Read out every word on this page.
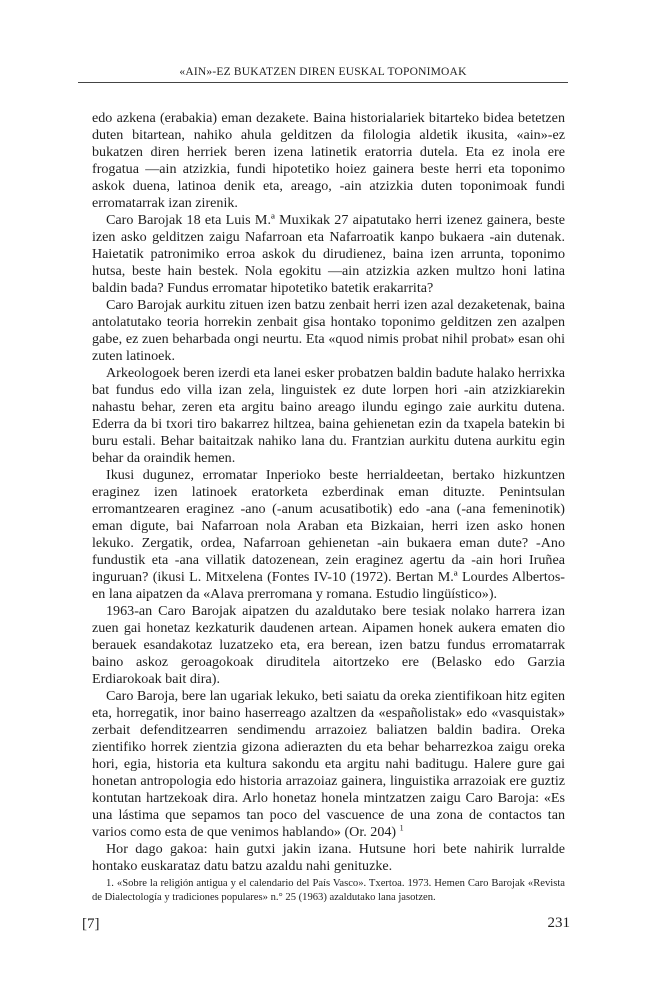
«AIN»-EZ BUKATZEN DIREN EUSKAL TOPONIMOAK

edo azkena (erabakia) eman dezakete. Baina historialariek bitarteko bidea betetzen duten bitartean, nahiko ahula gelditzen da filologia aldetik ikusita, «ain»-ez bukatzen diren herriek beren izena latinetik eratorria dutela. Eta ez inola ere frogatua —ain atzizkia, fundi hipotetiko hoiez gainera beste herri eta toponimo askok duena, latinoa denik eta, areago, -ain atzizkia duten toponimoak fundi erromatarrak izan zirenik.

Caro Barojak 18 eta Luis M.ª Muxikak 27 aipatutako herri izenez gainera, beste izen asko gelditzen zaigu Nafarroan eta Nafarroatik kanpo bukaera -ain dutenak. Haietatik patronimiko erroa askok du dirudienez, baina izen arrunta, toponimo hutsa, beste hain bestek. Nola egokitu —ain atzizkia azken multzo honi latina baldin bada? Fundus erromatar hipotetiko batetik erakarrita?

Caro Barojak aurkitu zituen izen batzu zenbait herri izen azal dezaketenak, baina antolatutako teoria horrekin zenbait gisa hontako toponimo gelditzen zen azalpen gabe, ez zuen beharbada ongi neurtu. Eta «quod nimis probat nihil probat» esan ohi zuten latinoek.

Arkeologoek beren izerdi eta lanei esker probatzen baldin badute halako herrixka bat fundus edo villa izan zela, linguistek ez dute lorpen hori -ain atzizkiarekin nahastu behar, zeren eta argitu baino areago ilundu egingo zaie aurkitu dutena. Ederra da bi txori tiro bakarrez hiltzea, baina gehienetan ezin da txapela batekin bi buru estali. Behar baitaitzak nahiko lana du. Frantzian aurkitu dutena aurkitu egin behar da oraindik hemen.

Ikusi dugunez, erromatar Inperioko beste herrialdeetan, bertako hizkuntzen eraginez izen latinoek eratorketa ezberdinak eman dituzte. Penintsulan erromantzearen eraginez -ano (-anum acusatibotik) edo -ana (-ana femeninotik) eman digute, bai Nafarroan nola Araban eta Bizkaian, herri izen asko honen lekuko. Zergatik, ordea, Nafarroan gehienetan -ain bukaera eman dute? -Ano fundustik eta -ana villatik datozenean, zein eraginez agertu da -ain hori Iruñea inguruan? (ikusi L. Mitxelena (Fontes IV-10 (1972). Bertan M.ª Lourdes Albertos-en lana aipatzen da «Alava prerromana y romana. Estudio lingüístico»).

1963-an Caro Barojak aipatzen du azaldutako bere tesiak nolako harrera izan zuen gai honetaz kezkaturik daudenen artean. Aipamen honek aukera ematen dio berauek esandakotaz luzatzeko eta, era berean, izen batzu fundus erromatarrak baino askoz geroagokoak diruditela aitortzeko ere (Belasko edo Garzia Erdiarokoak bait dira).

Caro Baroja, bere lan ugariak lekuko, beti saiatu da oreka zientifikoan hitz egiten eta, horregatik, inor baino haserreago azaltzen da «españolistak» edo «vasquistak» zerbait defenditzearren sendimendu arrazoiez baliatzen baldin badira. Oreka zientifiko horrek zientzia gizona adierazten du eta behar beharrezkoa zaigu oreka hori, egia, historia eta kultura sakondu eta argitu nahi baditugu. Halere gure gai honetan antropologia edo historia arrazoiaz gainera, linguistika arrazoiak ere guztiz kontutan hartzekoak dira. Arlo honetaz honela mintzatzen zaigu Caro Baroja: «Es una lástima que sepamos tan poco del vascuence de una zona de contactos tan varios como esta de que venimos hablando» (Or. 204) $^1$

Hor dago gakoa: hain gutxi jakin izana. Hutsune hori bete nahirik lurralde hontako euskarataz datu batzu azaldu nahi genituzke.

1. «Sobre la religión antigua y el calendario del País Vasco». Txertoa. 1973. Hemen Caro Barojak «Revista de Dialectología y tradiciones populares» n.° 25 (1963) azaldutako lana jasotzen.
[7]	231
